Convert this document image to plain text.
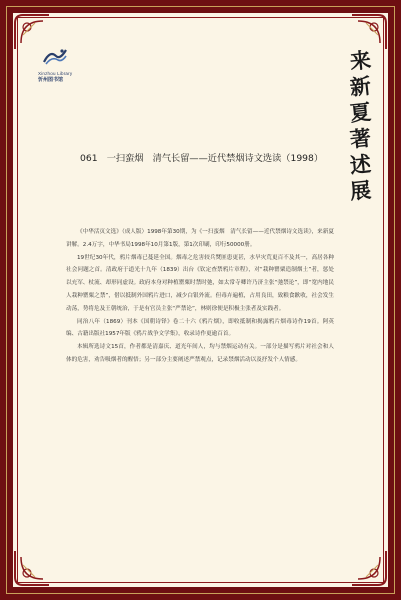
Xinzhou Library
忻州图书馆
来
新
夏
著
述
展
061　一扫蛮烟　清气长留——近代禁烟诗文选读（1998）

《中华活页文选》（成人版）1998年第30期，为《一扫蛮烟　清气长留——近代禁烟诗文选读》，来新夏讲解。2.4万字，中华书局1998年10月第1版，第1次印刷，印行50000册。

19世纪30年代，鸦片烟毒已蔓延全国。烟毒之危害较兵燹匪患更甚，水旱灾荒更百不及其一，高居各种社会问题之首。清政府于道光十九年（1839）出台《钦定查禁鸦片章程》，对“栽种罂粟造制烟土”者，惩处以充军、杖流、却形同虚设。政府本身对种植罂粟时禁时弛，如太常寺卿许乃济主张“弛禁论”，即“宽内地民人栽种罂粟之禁”，借以抵制外国鸦片进口，减少白银外流。但毒卉遍植，占用良田，致粮食歉收，社会发生动荡，势将危及王朝统治，于是有官员主张“严禁论”，林则徐便是积极主张者及实践者。

同治八年（1869）刊本《国朝诗铎》卷二十六《鸦片烟》，即收抵制和揭露鸦片烟毒诗作19首。阿英编、古籍出版社1957年版《鸦片战争文学集》，收录诗作更逾百首。

本辑所选诗文15首，作者都是清嘉庆、道光年间人，均与禁烟运动有关。一部分是描写鸦片对社会和人体的危害，劝告吸烟者的醒悟；另一部分主要阐述严禁观点，记录禁烟活动以及抒发个人情感。
